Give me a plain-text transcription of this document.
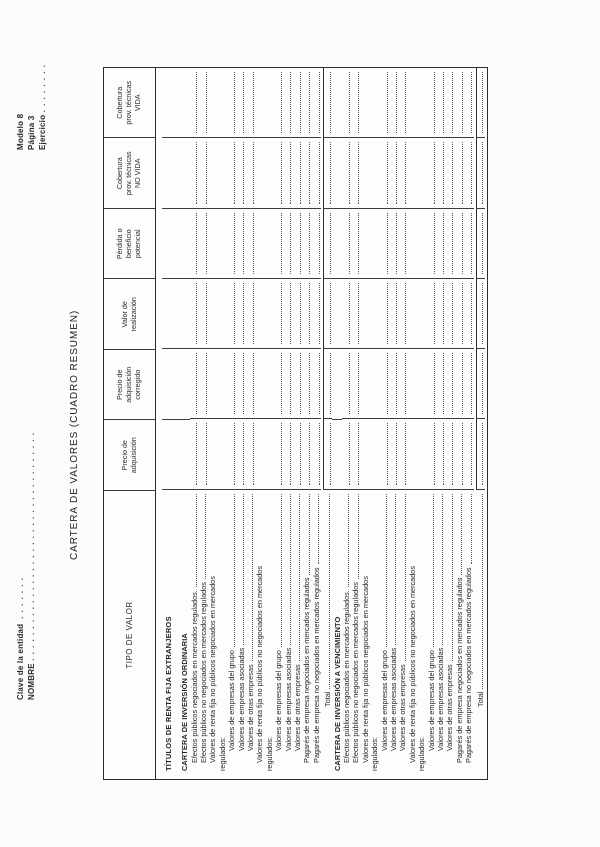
Clave de la entidad  . . . . . . .
NOMBRE . . . . . . . . . . . . . . . . . . . . . . . . . . . . . . . . . . . .
Modelo 8 Página 3 Ejercicio . . . . . . . .
CARTERA DE VALORES (CUADRO RESUMEN)
TIPO DE VALOR
Precio de adquisición
Precio de adquisición corregido
Valor de realización
Pérdida o beneficio potencial
Cobertura prov. técnicas NO VIDA
Cobertura prov. técnicas VIDA
TÍTULOS DE RENTA FIJA EXTRANJEROS CARTERA DE INVERSIÓN ORDINARIA Efectos públicos negociados en mercados regulados. Efectos públicos no negociados en mercados regulados Valores de renta fija no públicos negociados en mercados regulados:
Valores de empresas del grupo Valores de empresas asociadas Valores de otras empresas Valores de renta fija no públicos no negociados en mercados regulados:
Valores de empresas del grupo Valores de empresas asociadas Valores de otras empresas Pagarés de empresa negociados en mercados regulados Pagarés de empresa no negociados en mercados regulados Total CARTERA DE INVERSIÓN A VENCIMIENTO Efectos públicos negociados en mercados regulados. Efectos públicos no negociados en mercados regulados Valores de renta fija no públicos negociados en mercados regulados:
Valores de empresas del grupo Valores de empresas asociadas Valores de otras empresas Valores de renta fija no públicos no negociados en mercados regulados:
Valores de empresas del grupo Valores de empresas asociadas Valores de otras empresas Pagarés de empresa negociados en mercados regulados Pagarés de empresa no negociados en mercados regulados Total
